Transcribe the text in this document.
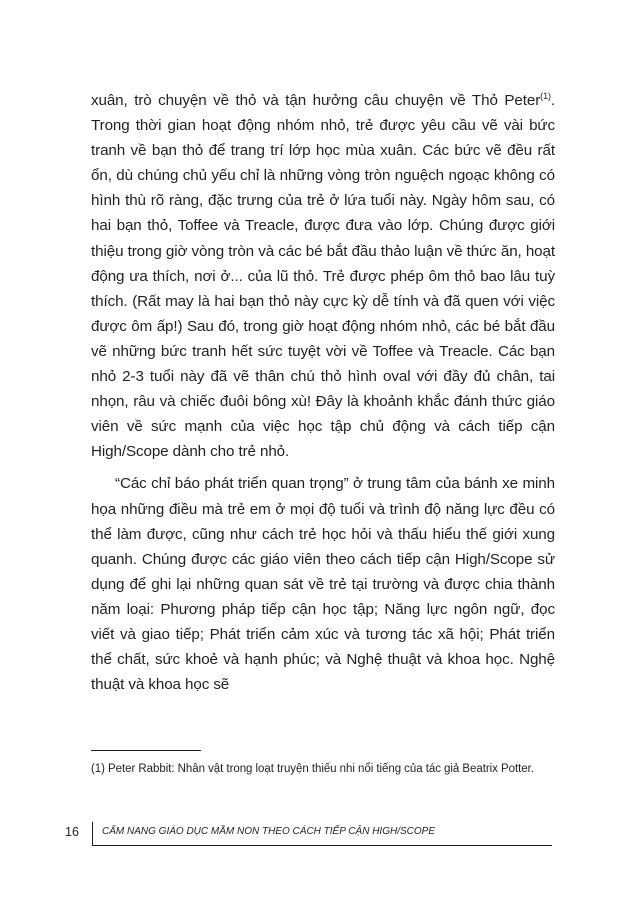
xuân, trò chuyện về thỏ và tận hưởng câu chuyện về Thỏ Peter$^{(1)}$. Trong thời gian hoạt động nhóm nhỏ, trẻ được yêu cầu vẽ vài bức tranh về bạn thỏ để trang trí lớp học mùa xuân. Các bức vẽ đều rất ổn, dù chúng chủ yếu chỉ là những vòng tròn nguệch ngoạc không có hình thù rõ ràng, đặc trưng của trẻ ở lứa tuổi này. Ngày hôm sau, có hai bạn thỏ, Toffee và Treacle, được đưa vào lớp. Chúng được giới thiệu trong giờ vòng tròn và các bé bắt đầu thảo luận về thức ăn, hoạt động ưa thích, nơi ở... của lũ thỏ. Trẻ được phép ôm thỏ bao lâu tuỳ thích. (Rất may là hai bạn thỏ này cực kỳ dễ tính và đã quen với việc được ôm ấp!) Sau đó, trong giờ hoạt động nhóm nhỏ, các bé bắt đầu vẽ những bức tranh hết sức tuyệt vời về Toffee và Treacle. Các bạn nhỏ 2-3 tuổi này đã vẽ thân chú thỏ hình oval với đầy đủ chân, tai nhọn, râu và chiếc đuôi bông xù! Đây là khoảnh khắc đánh thức giáo viên về sức mạnh của việc học tập chủ động và cách tiếp cận High/Scope dành cho trẻ nhỏ.

“Các chỉ báo phát triển quan trọng” ở trung tâm của bánh xe minh họa những điều mà trẻ em ở mọi độ tuổi và trình độ năng lực đều có thể làm được, cũng như cách trẻ học hỏi và thấu hiểu thế giới xung quanh. Chúng được các giáo viên theo cách tiếp cận High/Scope sử dụng để ghi lại những quan sát về trẻ tại trường và được chia thành năm loại: Phương pháp tiếp cận học tập; Năng lực ngôn ngữ, đọc viết và giao tiếp; Phát triển cảm xúc và tương tác xã hội; Phát triển thể chất, sức khoẻ và hạnh phúc; và Nghệ thuật và khoa học. Nghệ thuật và khoa học sẽ

(1) Peter Rabbit: Nhân vật trong loạt truyện thiếu nhi nổi tiếng của tác giả Beatrix Potter.

16	CẨM NANG GIÁO DỤC MẦM NON THEO CÁCH TIẾP CẬN HIGH/SCOPE
